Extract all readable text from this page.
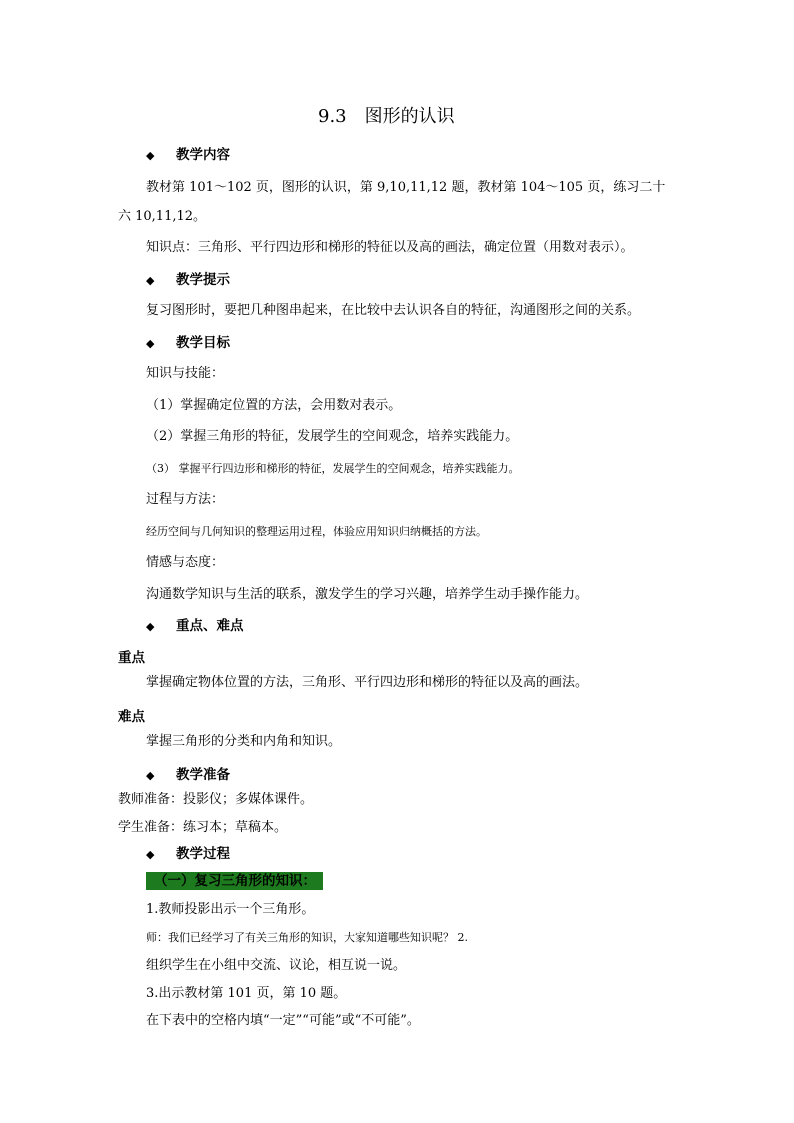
9.3　图形的认识
◆ 教学内容
教材第 101～102 页，图形的认识，第 9,10,11,12 题，教材第 104～105 页，练习二十
六 10,11,12。
知识点：三角形、平行四边形和梯形的特征以及高的画法，确定位置（用数对表示）。
◆ 教学提示
复习图形时，要把几种图串起来，在比较中去认识各自的特征，沟通图形之间的关系。
◆ 教学目标
知识与技能：
（1）掌握确定位置的方法，会用数对表示。
（2）掌握三角形的特征，发展学生的空间观念，培养实践能力。
（3） 掌握平行四边形和梯形的特征，发展学生的空间观念，培养实践能力。
过程与方法：
经历空间与几何知识的整理运用过程，体验应用知识归纳概括的方法。
情感与态度：
沟通数学知识与生活的联系，激发学生的学习兴趣，培养学生动手操作能力。
◆ 重点、难点
重点
掌握确定物体位置的方法，三角形、平行四边形和梯形的特征以及高的画法。
难点
掌握三角形的分类和内角和知识。
◆ 教学准备
教师准备：投影仪；多媒体课件。
学生准备：练习本；草稿本。
◆ 教学过程
（一）复习三角形的知识：
1.教师投影出示一个三角形。
师：我们已经学习了有关三角形的知识，大家知道哪些知识呢？ 2.
组织学生在小组中交流、议论，相互说一说。
3.出示教材第 101 页，第 10 题。
在下表中的空格内填“一定”“可能”或“不可能”。
